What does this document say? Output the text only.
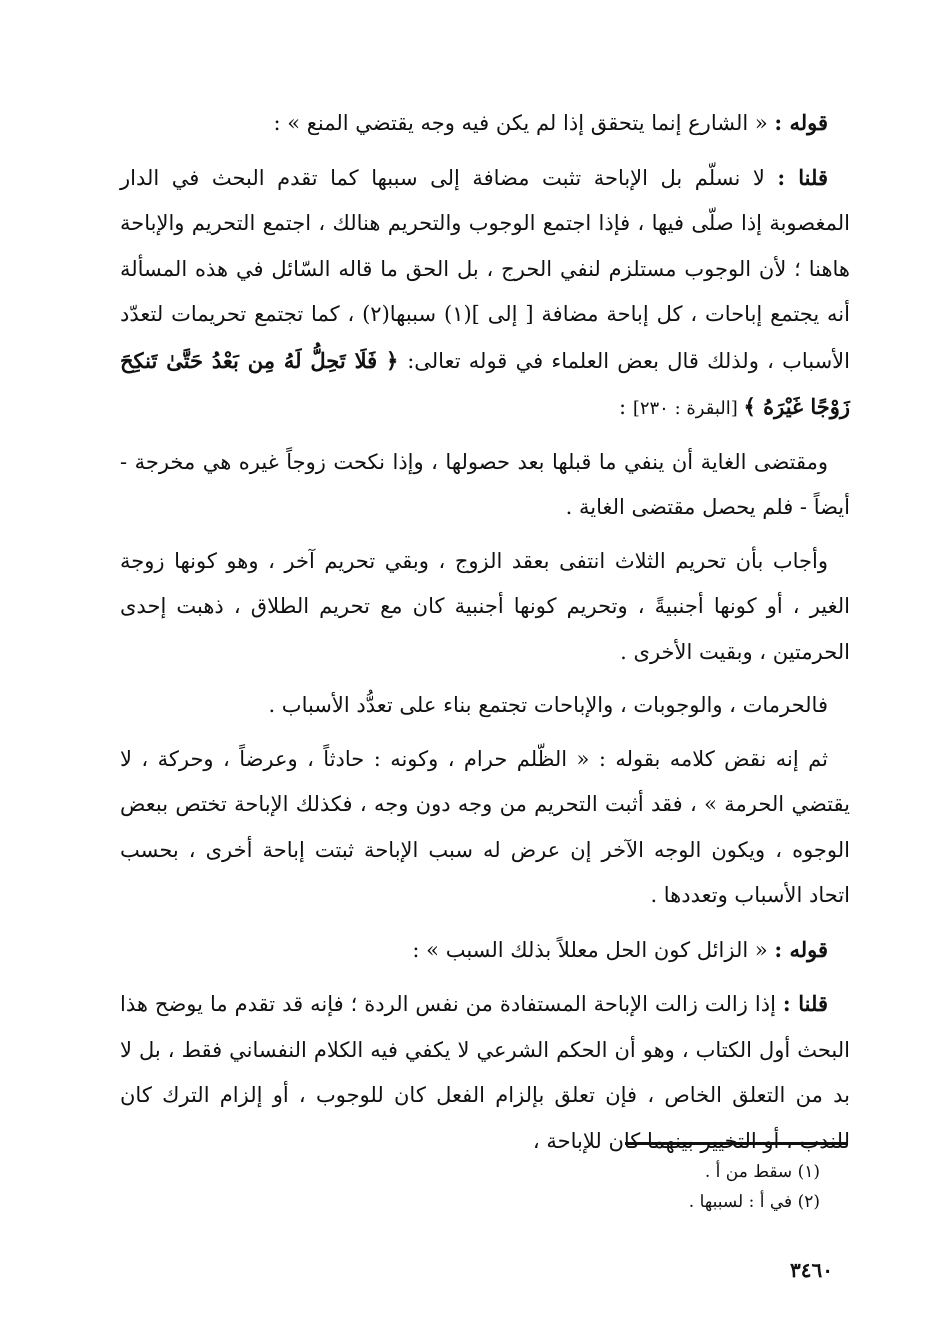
قوله : « الشارع إنما يتحقق إذا لم يكن فيه وجه يقتضي المنع » :

قلنا : لا نسلّم بل الإباحة تثبت مضافة إلى سببها كما تقدم البحث في الدار المغصوبة إذا صلّى فيها ، فإذا اجتمع الوجوب والتحريم هنالك ، اجتمع التحريم والإباحة هاهنا ؛ لأن الوجوب مستلزم لنفي الحرج ، بل الحق ما قاله السّائل في هذه المسألة أنه يجتمع إباحات ، كل إباحة مضافة [ إلى ](١) سببها(٢) ، كما تجتمع تحريمات لتعدّد الأسباب ، ولذلك قال بعض العلماء في قوله تعالى: ﴿ فَلَا تَحِلُّ لَهُ مِن بَعْدُ حَتَّىٰ تَنكِحَ زَوْجًا غَيْرَهُ ﴾ [البقرة : ٢٣٠] :

ومقتضى الغاية أن ينفي ما قبلها بعد حصولها ، وإذا نكحت زوجاً غيره هي مخرجة - أيضاً - فلم يحصل مقتضى الغاية .

وأجاب بأن تحريم الثلاث انتفى بعقد الزوج ، وبقي تحريم آخر ، وهو كونها زوجة الغير ، أو كونها أجنبيةً ، وتحريم كونها أجنبية كان مع تحريم الطلاق ، ذهبت إحدى الحرمتين ، وبقيت الأخرى .

فالحرمات ، والوجوبات ، والإباحات تجتمع بناء على تعدُّد الأسباب .

ثم إنه نقض كلامه بقوله : « الظّلم حرام ، وكونه : حادثاً ، وعرضاً ، وحركة ، لا يقتضي الحرمة » ، فقد أثبت التحريم من وجه دون وجه ، فكذلك الإباحة تختص ببعض الوجوه ، ويكون الوجه الآخر إن عرض له سبب الإباحة ثبتت إباحة أخرى ، بحسب اتحاد الأسباب وتعددها .

قوله : « الزائل كون الحل معللاً بذلك السبب » :

قلنا : إذا زالت زالت الإباحة المستفادة من نفس الردة ؛ فإنه قد تقدم ما يوضح هذا البحث أول الكتاب ، وهو أن الحكم الشرعي لا يكفي فيه الكلام النفساني فقط ، بل لا بد من التعلق الخاص ، فإن تعلق بإلزام الفعل كان للوجوب ، أو إلزام الترك كان للندب ، أو التخيير بينهما كان للإباحة ،

(١) سقط من أ .

(٢) في أ : لسببها .

٣٤٦٠
